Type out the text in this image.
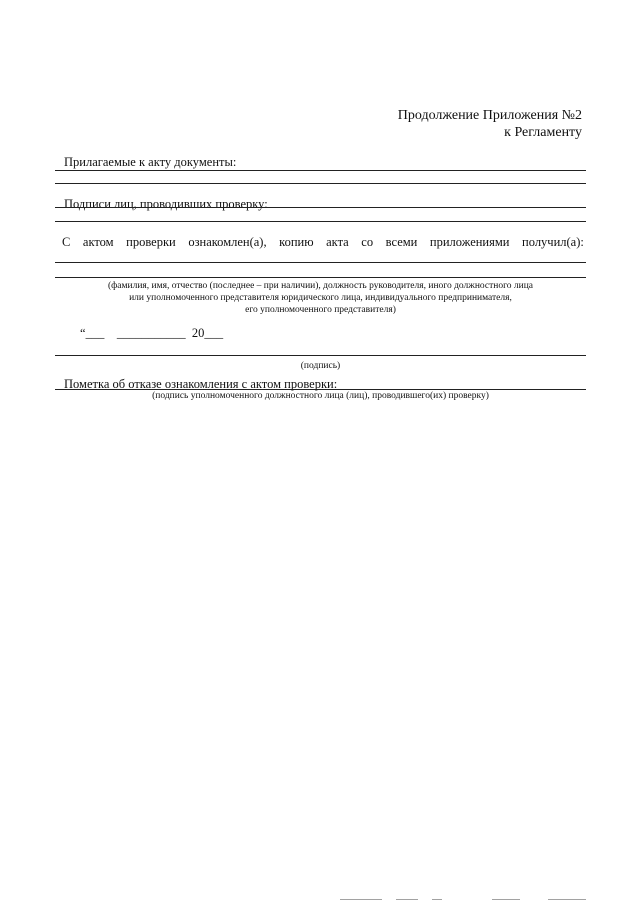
Продолжение Приложения №2
к Регламенту
Прилагаемые к акту документы:
Подписи лиц, проводивших проверку:
С актом проверки ознакомлен(а), копию акта со всеми приложениями получил(а):
(фамилия, имя, отчество (последнее – при наличии), должность руководителя, иного должностного лица
или уполномоченного представителя юридического лица, индивидуального предпринимателя,
его уполномоченного представителя)
“___ ___________ 20___
(подпись)
Пометка об отказе ознакомления с актом проверки:
(подпись уполномоченного должностного лица (лиц), проводившего(их) проверку)
